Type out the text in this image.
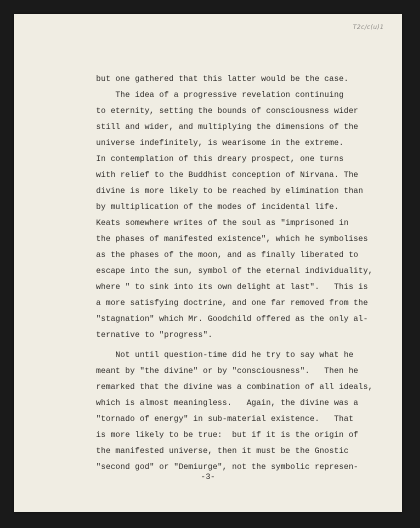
T2c/c(u)1

but one gathered that this latter would be the case.

The idea of a progressive revelation continuing

to eternity, setting the bounds of consciousness wider

still and wider, and multiplying the dimensions of the

universe indefinitely, is wearisome in the extreme.

In contemplation of this dreary prospect, one turns

with relief to the Buddhist conception of Nirvana. The

divine is more likely to be reached by elimination than

by multiplication of the modes of incidental life.

Keats somewhere writes of the soul as "imprisoned in

the phases of manifested existence", which he symbolises

as the phases of the moon, and as finally liberated to

escape into the sun, symbol of the eternal individuality,

where " to sink into its own delight at last".   This is

a more satisfying doctrine, and one far removed from the

"stagnation" which Mr. Goodchild offered as the only al-

ternative to "progress".

Not until question-time did he try to say what he

meant by "the divine" or by "consciousness".   Then he

remarked that the divine was a combination of all ideals,

which is almost meaningless.   Again, the divine was a

"tornado of energy" in sub-material existence.   That

is more likely to be true:  but if it is the origin of

the manifested universe, then it must be the Gnostic

"second god" or "Demiurge", not the symbolic represen-

-3-
